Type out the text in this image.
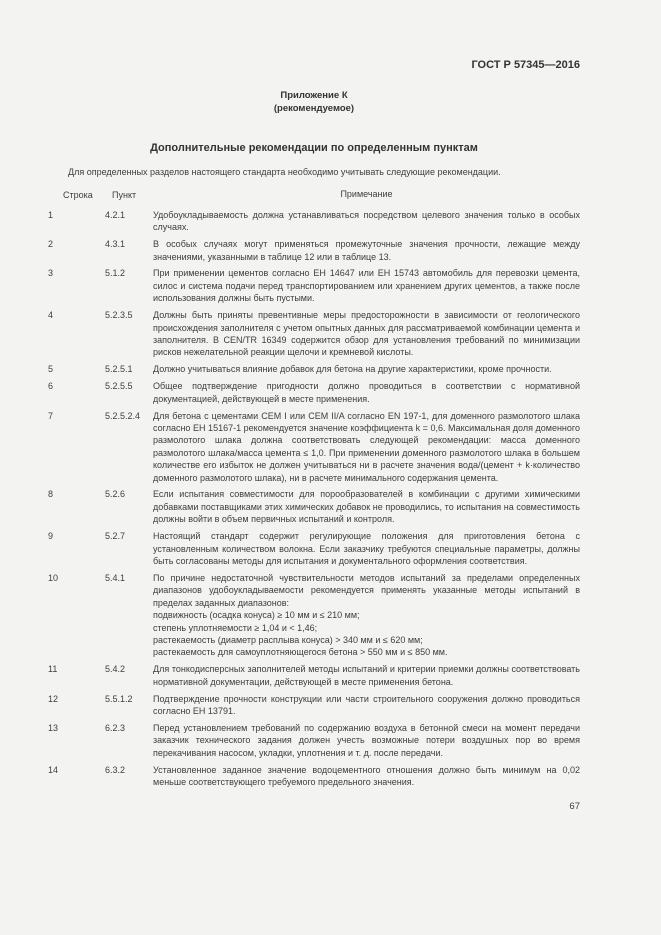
ГОСТ Р 57345—2016
Приложение К
(рекомендуемое)
Дополнительные рекомендации по определенным пунктам

Для определенных разделов настоящего стандарта необходимо учитывать следующие рекомендации.

Строка	Пункт	Примечание
1	4.2.1	Удобоукладываемость должна устанавливаться посредством целевого значения только в особых случаях.
2	4.3.1	В особых случаях могут применяться промежуточные значения прочности, лежащие между значениями, указанными в таблице 12 или в таблице 13.
3	5.1.2	При применении цементов согласно ЕН 14647 или ЕН 15743 автомобиль для перевозки цемента, силос и система подачи перед транспортированием или хранением других цементов, а также после использования должны быть пустыми.
4	5.2.3.5	Должны быть приняты превентивные меры предосторожности в зависимости от геологического происхождения заполнителя с учетом опытных данных для рассматриваемой комбинации цемента и заполнителя. В CEN/TR 16349 содержится обзор для установления требований по минимизации рисков нежелательной реакции щелочи и кремневой кислоты.
5	5.2.5.1	Должно учитываться влияние добавок для бетона на другие характеристики, кроме прочности.
6	5.2.5.5	Общее подтверждение пригодности должно проводиться в соответствии с нормативной документацией, действующей в месте применения.
7	5.2.5.2.4	Для бетона с цементами CEM I или CEM II/A согласно EN 197-1, для доменного размолотого шлака согласно ЕН 15167-1 рекомендуется значение коэффициента k = 0,6. Максимальная доля доменного размолотого шлака должна соответствовать следующей рекомендации: масса доменного размолотого шлака/масса цемента ≤ 1,0. При применении доменного размолотого шлака в большем количестве его избыток не должен учитываться ни в расчете значения вода/(цемент + k·количество доменного размолотого шлака), ни в расчете минимального содержания цемента.
8	5.2.6	Если испытания совместимости для порообразователей в комбинации с другими химическими добавками поставщиками этих химических добавок не проводились, то испытания на совместимость должны войти в объем первичных испытаний и контроля.
9	5.2.7	Настоящий стандарт содержит регулирующие положения для приготовления бетона с установленным количеством волокна. Если заказчику требуются специальные параметры, должны быть согласованы методы для испытания и документального оформления соответствия.
10	5.4.1	По причине недостаточной чувствительности методов испытаний за пределами определенных диапазонов удобоукладываемости рекомендуется применять указанные методы испытаний в пределах заданных диапазонов:
подвижность (осадка конуса) ≥ 10 мм и ≤ 210 мм;
степень уплотняемости ≥ 1,04 и < 1,46;
растекаемость (диаметр расплыва конуса) > 340 мм и ≤ 620 мм;
растекаемость для самоуплотняющегося бетона > 550 мм и ≤ 850 мм.
11	5.4.2	Для тонкодисперсных заполнителей методы испытаний и критерии приемки должны соответствовать нормативной документации, действующей в месте применения бетона.
12	5.5.1.2	Подтверждение прочности конструкции или части строительного сооружения должно проводиться согласно ЕН 13791.
13	6.2.3	Перед установлением требований по содержанию воздуха в бетонной смеси на момент передачи заказчик технического задания должен учесть возможные потери воздушных пор во время перекачивания насосом, укладки, уплотнения и т. д. после передачи.
14	6.3.2	Установленное заданное значение водоцементного отношения должно быть минимум на 0,02 меньше соответствующего требуемого предельного значения.
67
